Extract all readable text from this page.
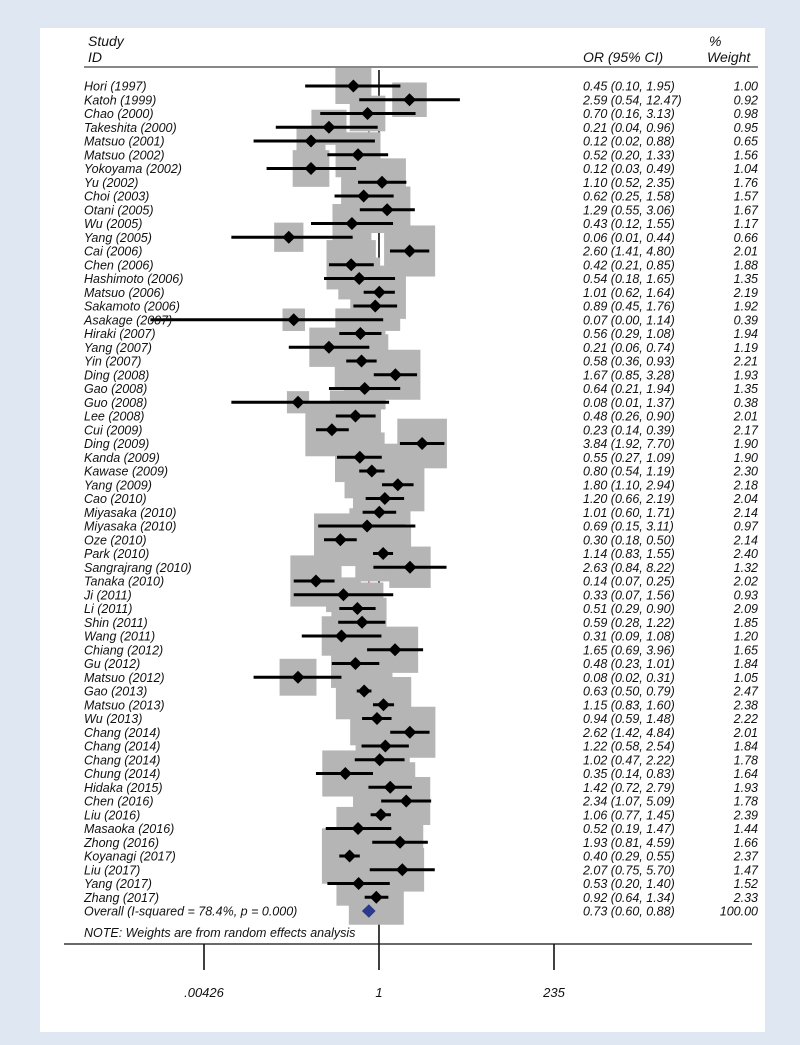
Study
ID	OR (95% CI)
%
Weight
Hori (1997)	0.45 (0.10, 1.95)	1.00
Katoh (1999)	2.59 (0.54, 12.47)	0.92
Chao (2000)	0.70 (0.16, 3.13)	0.98
Takeshita (2000)	0.21 (0.04, 0.96)	0.95
Matsuo (2001)	0.12 (0.02, 0.88)	0.65
Matsuo (2002)	0.52 (0.20, 1.33)	1.56
Yokoyama (2002)	0.12 (0.03, 0.49)	1.04
Yu (2002)	1.10 (0.52, 2.35)	1.76
Choi (2003)	0.62 (0.25, 1.58)	1.57
Otani (2005)	1.29 (0.55, 3.06)	1.67
Wu (2005)	0.43 (0.12, 1.55)	1.17
Yang (2005)	0.06 (0.01, 0.44)	0.66
Cai (2006)	2.60 (1.41, 4.80)	2.01
Chen (2006)	0.42 (0.21, 0.85)	1.88
Hashimoto (2006)	0.54 (0.18, 1.65)	1.35
Matsuo (2006)	1.01 (0.62, 1.64)	2.19
Sakamoto (2006)	0.89 (0.45, 1.76)	1.92
Asakage (2007)	0.07 (0.00, 1.14)	0.39
Hiraki (2007)	0.56 (0.29, 1.08)	1.94
Yang (2007)	0.21 (0.06, 0.74)	1.19
Yin (2007)	0.58 (0.36, 0.93)	2.21
Ding (2008)	1.67 (0.85, 3.28)	1.93
Gao (2008)	0.64 (0.21, 1.94)	1.35
Guo (2008)	0.08 (0.01, 1.37)	0.38
Lee (2008)	0.48 (0.26, 0.90)	2.01
Cui (2009)	0.23 (0.14, 0.39)	2.17
Ding (2009)	3.84 (1.92, 7.70)	1.90
Kanda (2009)	0.55 (0.27, 1.09)	1.90
Kawase (2009)	0.80 (0.54, 1.19)	2.30
Yang (2009)	1.80 (1.10, 2.94)	2.18
Cao (2010)	1.20 (0.66, 2.19)	2.04
Miyasaka (2010)	1.01 (0.60, 1.71)	2.14
Miyasaka (2010)	0.69 (0.15, 3.11)	0.97
Oze (2010)	0.30 (0.18, 0.50)	2.14
Park (2010)	1.14 (0.83, 1.55)	2.40
Sangrajrang (2010)	2.63 (0.84, 8.22)	1.32
Tanaka (2010)	0.14 (0.07, 0.25)	2.02
Ji (2011)	0.33 (0.07, 1.56)	0.93
Li (2011)	0.51 (0.29, 0.90)	2.09
Shin (2011)	0.59 (0.28, 1.22)	1.85
Wang (2011)	0.31 (0.09, 1.08)	1.20
Chiang (2012)	1.65 (0.69, 3.96)	1.65
Gu (2012)	0.48 (0.23, 1.01)	1.84
Matsuo (2012)	0.08 (0.02, 0.31)	1.05
Gao (2013)	0.63 (0.50, 0.79)	2.47
Matsuo (2013)	1.15 (0.83, 1.60)	2.38
Wu (2013)	0.94 (0.59, 1.48)	2.22
Chang (2014)	2.62 (1.42, 4.84)	2.01
Chang (2014)	1.22 (0.58, 2.54)	1.84
Chang (2014)	1.02 (0.47, 2.22)	1.78
Chung (2014)	0.35 (0.14, 0.83)	1.64
Hidaka (2015)	1.42 (0.72, 2.79)	1.93
Chen (2016)	2.34 (1.07, 5.09)	1.78
Liu (2016)	1.06 (0.77, 1.45)	2.39
Masaoka (2016)	0.52 (0.19, 1.47)	1.44
Zhong (2016)	1.93 (0.81, 4.59)	1.66
Koyanagi (2017)	0.40 (0.29, 0.55)	2.37
Liu (2017)	2.07 (0.75, 5.70)	1.47
Yang (2017)	0.53 (0.20, 1.40)	1.52
Zhang (2017)	0.92 (0.64, 1.34)	2.33
.00426	1	235
Overall (I-squared = 78.4%, p = 0.000)	0.73 (0.60, 0.88)	100.00
NOTE: Weights are from random effects analysis
